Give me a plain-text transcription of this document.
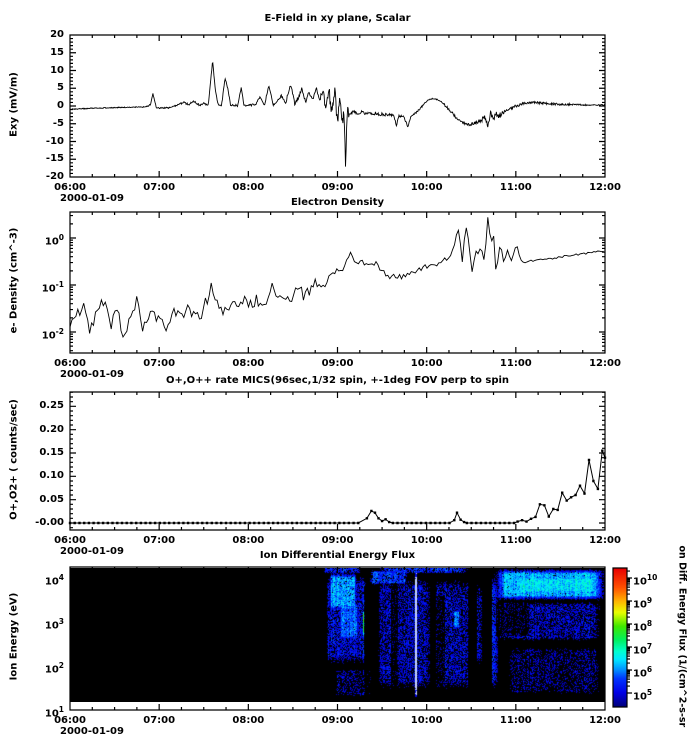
E-Field in xy plane, Scalar
Electron Density
O+,O++ rate MICS(96sec,1/32 spin, +-1deg FOV perp to spin
Ion Differential Energy Flux
Exy (mV/m)
e- Density (cm^-3)
O+,O2+ ( counts/sec)
Ion Energy (eV)	on Diff. Energy Flux (1/(cm^2-s-sr
06:00	07:00	08:00	09:00	10:00	11:00	12:00
2000-01-09
06:00	07:00	08:00	09:00	10:00	11:00	12:00
2000-01-09
06:00	07:00	08:00	09:00	10:00	11:00	12:00
2000-01-09
06:00	07:00	08:00	09:00	10:00	11:00	12:00
2000-01-09
20
15
10
5
0
-5
-10
-15
-20
$10^0$
$10^{-1}$
$10^{-2}$
0.25
0.20
0.15
0.10
0.05
-0.00
$10^4$
$10^3$
$10^2$
$10^1$
$10^{10}$
$10^9$
$10^8$
$10^7$
$10^6$
$10^5$
